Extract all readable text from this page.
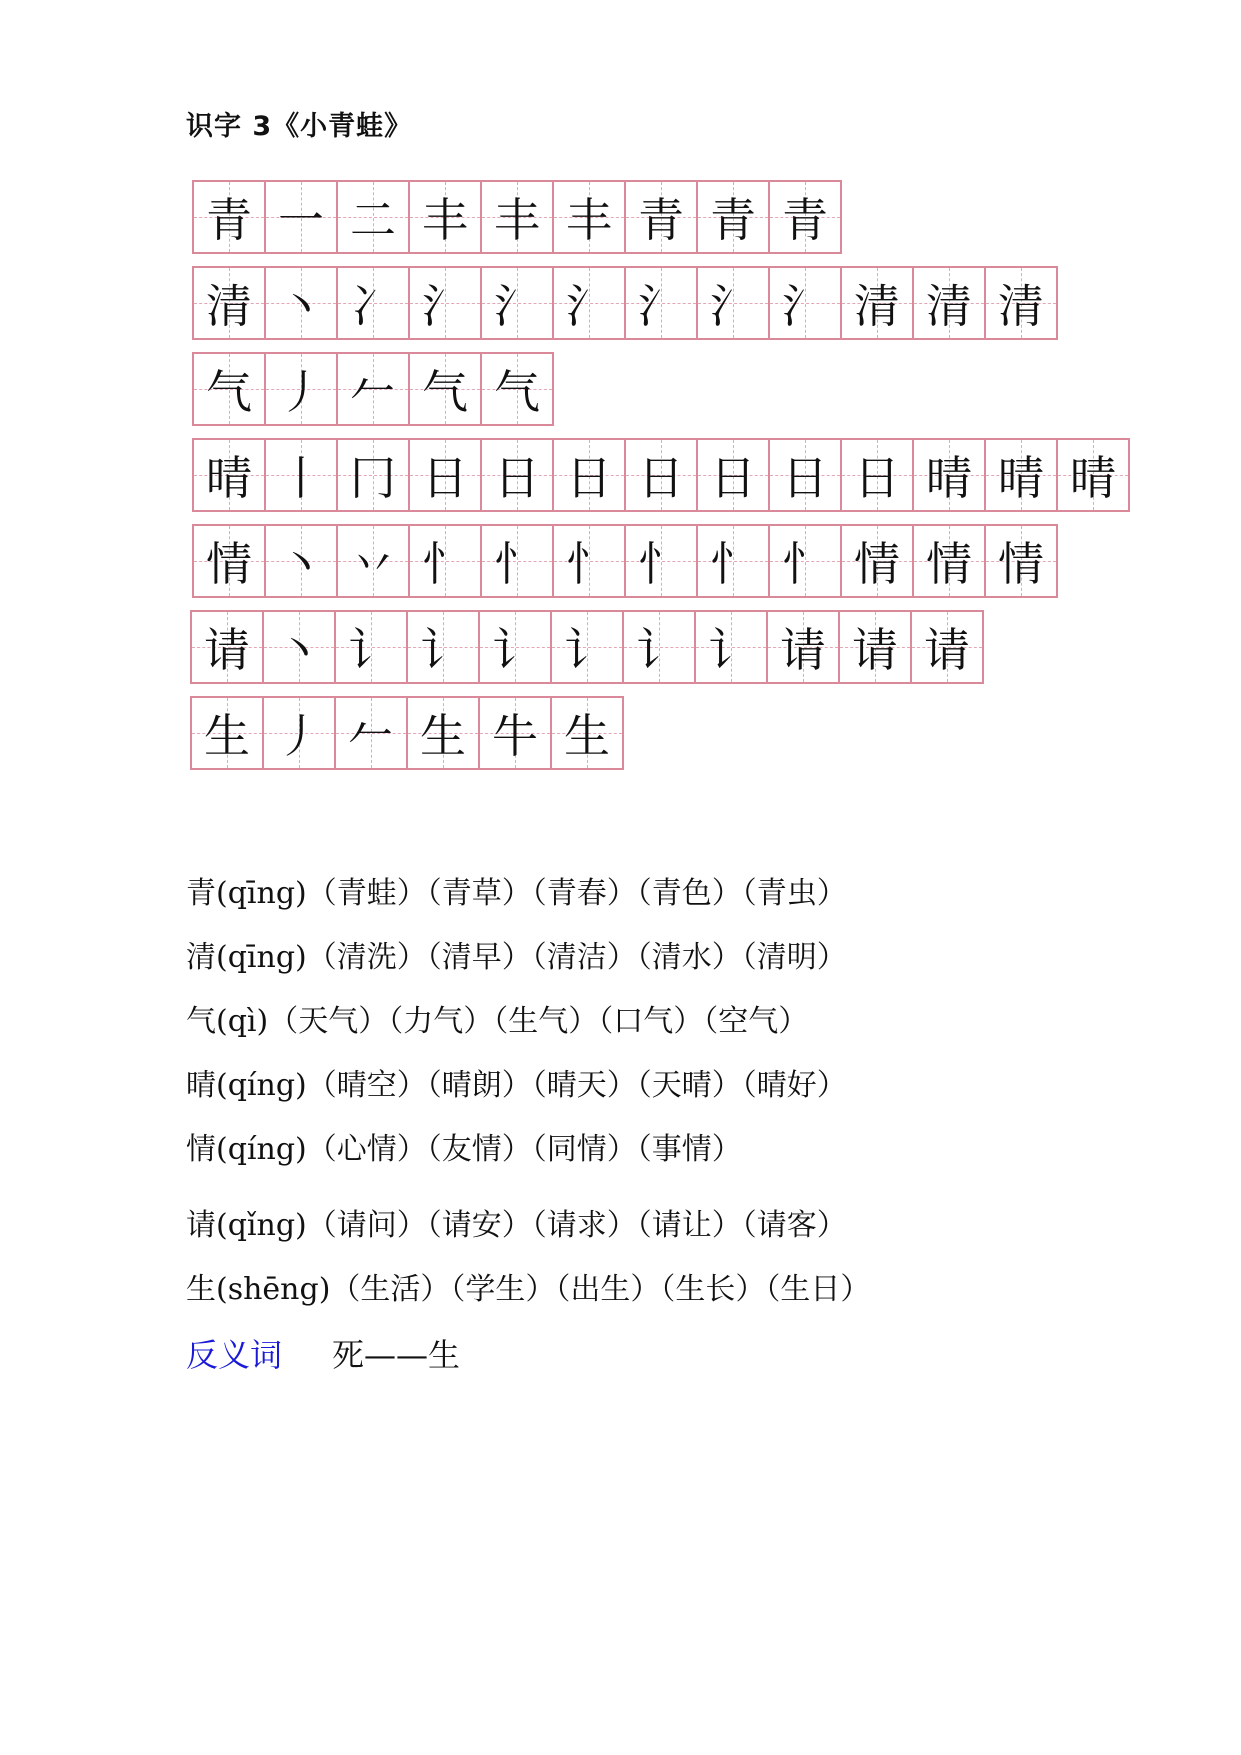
识字 3《小青蛙》
青 一 二 丰 丰 丰 青 青 青
清 丶 冫 氵 氵 氵 氵 氵 氵 清 清 清
气 丿 𠂉 气 气
晴 丨 冂 日 日 日 日 日 日 日 晴 晴 晴
情 丶 丷 忄 忄 忄 忄 忄 忄 情 情 情
请 丶 讠 讠 讠 讠 讠 讠 请 请 请
生 丿 𠂉 生 牛 生
青(qīng)（青蛙）（青草）（青春）（青色）（青虫）
清(qīng)（清洗）（清早）（清洁）（清水）（清明）
气(qì)（天气）（力气）（生气）（口气）（空气）
晴(qíng)（晴空）（晴朗）（晴天）（天晴）（晴好）
情(qíng)（心情）（友情）（同情）（事情）
请(qǐng)（请问）（请安）（请求）（请让）（请客）
生(shēng)（生活）（学生）（出生）（生长）（生日）
反义词 死——生
